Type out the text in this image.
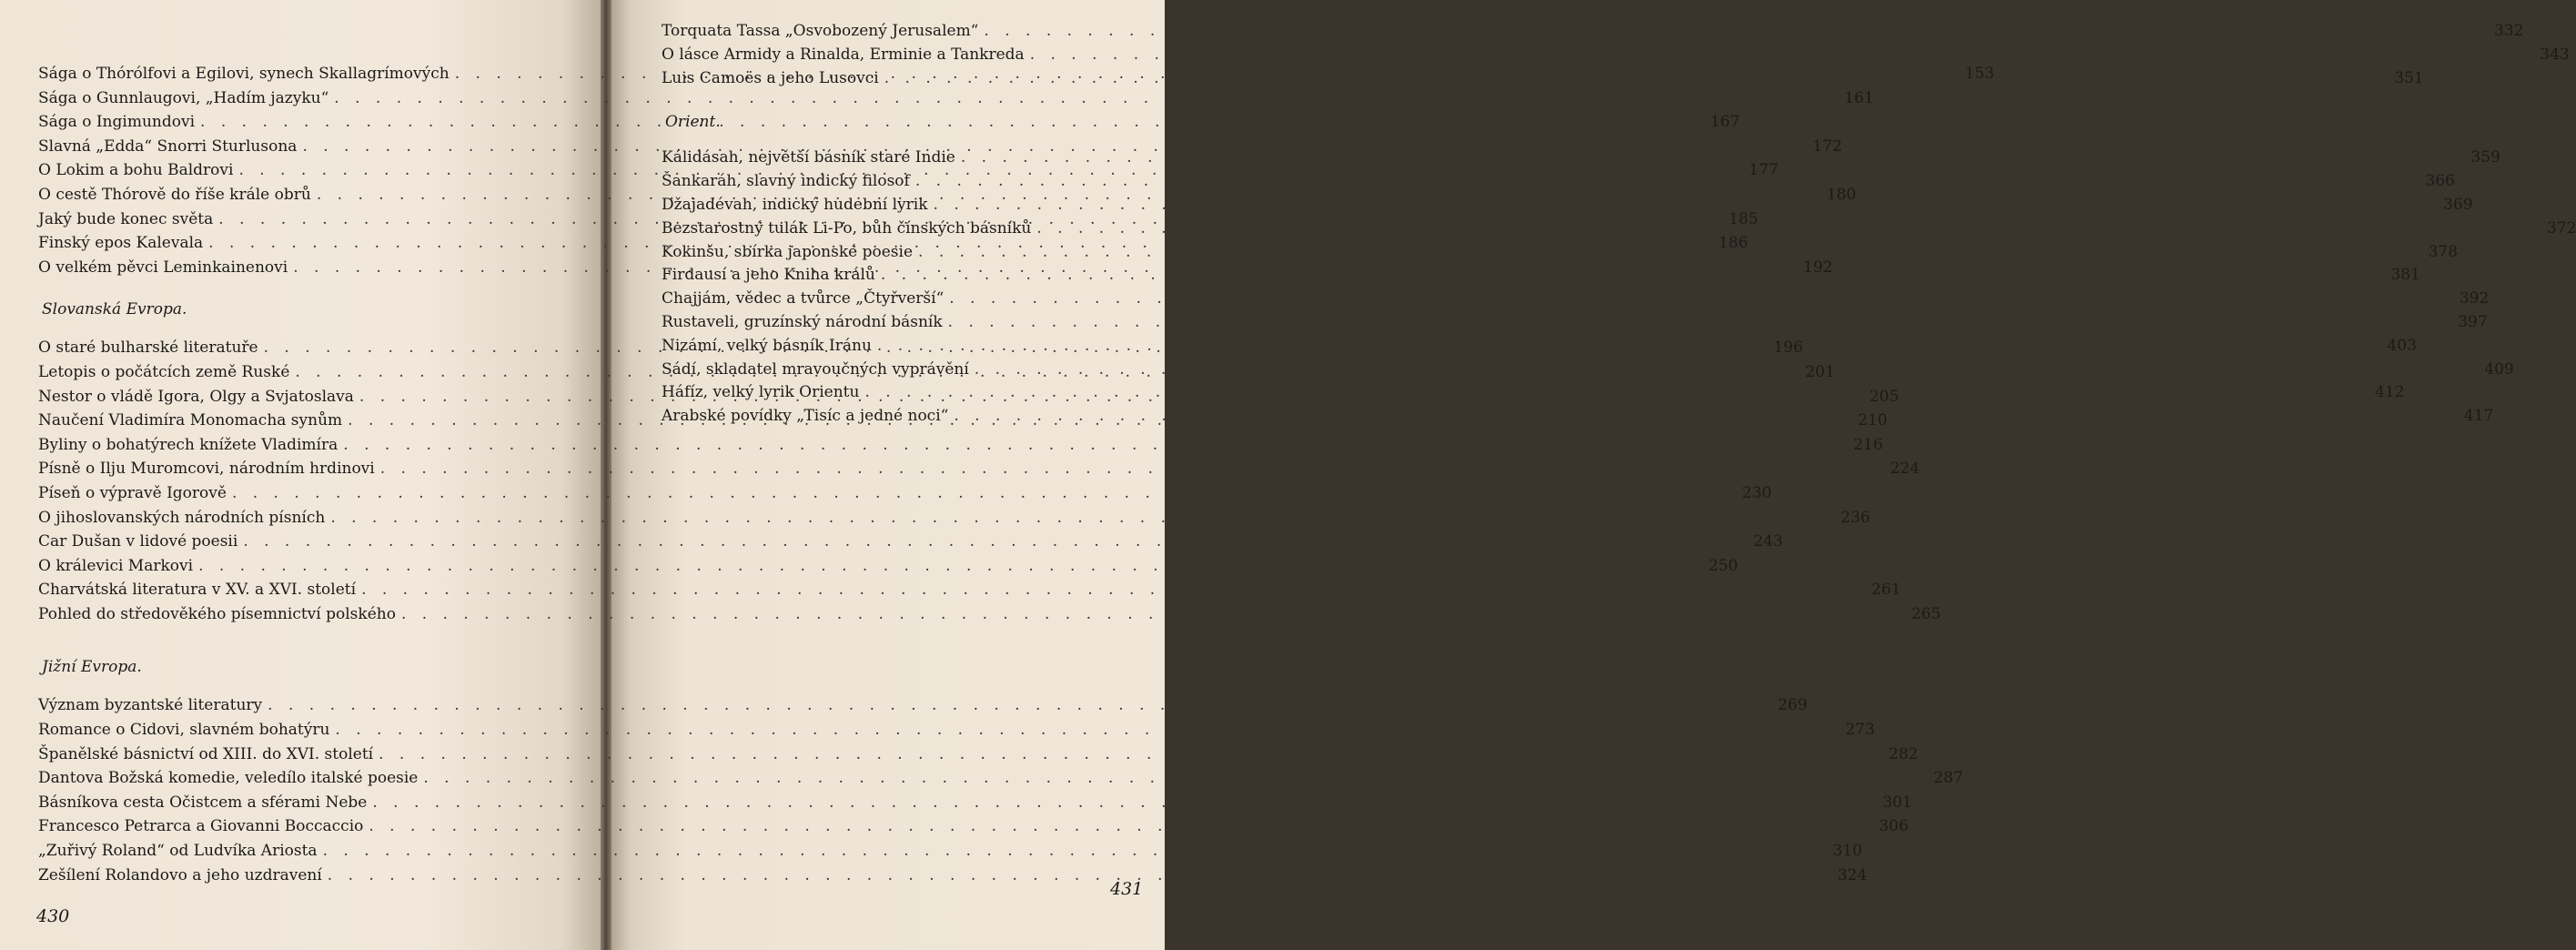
Sága o Thórólfovi a Egilovi, synech Skallagrímových . . .	153
Sága o Gunnlaugovi, „Hadím jazyku“ . . .	161
Sága o Ingimundovi . . .	167
Slavná „Edda“ Snorri Sturlusona . . .	172
O Lokim a bohu Baldrovi . . .	177
O cestě Thórově do říše krále obrů . . .	180
Jaký bude konec světa . . .	185
Finský epos Kalevala . . .	186
O velkém pěvci Leminkainenovi . . .	192
Slovanská Evropa.
O staré bulharské literatuře . . .	196
Letopis o počátcích země Ruské . . .	201
Nestor o vládě Igora, Olgy a Svjatoslava . . .	205
Naučení Vladimíra Monomacha synům . . .	210
Byliny o bohatýrech knížete Vladimíra . . .	216
Písně o Ilju Muromcovi, národním hrdinovi . . .	224
Píseň o výpravě Igorově . . .	230
O jihoslovanských národních písních . . .	236
Car Dušan v lidové poesii . . .	243
O králevici Markovi . . .	250
Charvátská literatura v XV. a XVI. století . . .	261
Pohled do středověkého písemnictví polského . . .	265
Jižní Evropa.
Význam byzantské literatury . . .	269
Romance o Cidovi, slavném bohatýru . . .	273
Španělské básnictví od XIII. do XVI. století . . .	282
Dantova Božská komedie, veledílo italské poesie . . .	287
Básníkova cesta Očistcem a sférami Nebe . . .	301
Francesco Petrarca a Giovanni Boccaccio . . .	306
„Zuřivý Roland“ od Ludvíka Ariosta . . .	310
Zešílení Rolandovo a jeho uzdravení . . .	324
Torquata Tassa „Osvobozený Jerusalem“ . . .	332
O lásce Armidy a Rinalda, Erminie a Tankreda . . .	343
Luis Camoës a jeho Lusovci . . .	351
Orient.
Kálidásah, největší básník staré Indie . . .	359
Šankaráh, slavný indický filosof . . .	366
Džajadévah, indický hudební lyrik . . .	369
Bezstarostný tulák Li-Po, bůh čínských básníků . . .	372
Kokinšu, sbírka japonské poesie . . .	378
Firdausí a jeho Kniha králů . . .	381
Chajjám, vědec a tvůrce „Čtyřverší“ . . .	392
Rustaveli, gruzínský národní básník . . .	397
Nizámí, velký básník Iránu . . .	403
Sádí, skladatel mravoučných vyprávění . . .	409
Háfíz, velký lyrik Orientu . . .	412
Arabské povídky „Tisíc a jedné noci“ . . .	417
430
431
